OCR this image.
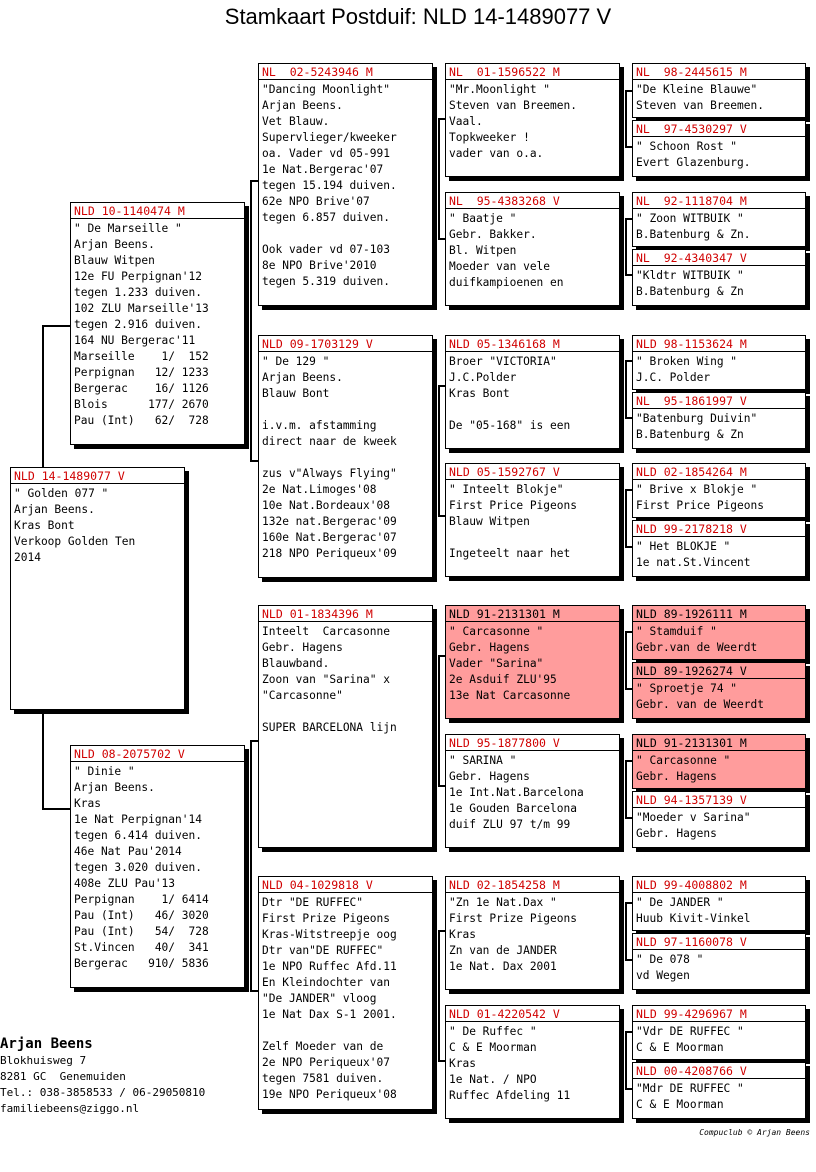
Stamkaart Postduif: NLD 14-1489077 V
NLD 14-1489077 V
" Golden 077 "
Arjan Beens.
Kras Bont
Verkoop Golden Ten
2014
NLD 10-1140474 M
" De Marseille "
Arjan Beens.
Blauw Witpen
12e FU Perpignan'12
tegen 1.233 duiven.
102 ZLU Marseille'13
tegen 2.916 duiven.
164 NU Bergerac'11
Marseille    1/  152
Perpignan   12/ 1233
Bergerac    16/ 1126
Blois      177/ 2670
Pau (Int)   62/  728
NLD 08-2075702 V
" Dinie "
Arjan Beens.
Kras
1e Nat Perpignan'14
tegen 6.414 duiven.
46e Nat Pau'2014
tegen 3.020 duiven.
408e ZLU Pau'13
Perpignan    1/ 6414
Pau (Int)   46/ 3020
Pau (Int)   54/  728
St.Vincen   40/  341
Bergerac   910/ 5836
NL  02-5243946 M
"Dancing Moonlight"
Arjan Beens.
Vet Blauw.
Supervlieger/kweeker
oa. Vader vd 05-991
1e Nat.Bergerac'07
tegen 15.194 duiven.
62e NPO Brive'07
tegen 6.857 duiven.
Ook vader vd 07-103
8e NPO Brive'2010
tegen 5.319 duiven.
NLD 09-1703129 V
" De 129 "
Arjan Beens.
Blauw Bont
i.v.m. afstamming
direct naar de kweek
zus v"Always Flying"
2e Nat.Limoges'08
10e Nat.Bordeaux'08
132e nat.Bergerac'09
160e Nat.Bergerac'07
218 NPO Periqueux'09
NLD 01-1834396 M
Inteelt  Carcasonne
Gebr. Hagens
Blauwband.
Zoon van "Sarina" x
"Carcasonne"
SUPER BARCELONA lijn
NLD 04-1029818 V
Dtr "DE RUFFEC"
First Prize Pigeons
Kras-Witstreepje oog
Dtr van"DE RUFFEC"
1e NPO Ruffec Afd.11
En Kleindochter van
"De JANDER" vloog
1e Nat Dax S-1 2001.
Zelf Moeder van de
2e NPO Periqueux'07
tegen 7581 duiven.
19e NPO Periqueux'08
NL  01-1596522 M
"Mr.Moonlight "
Steven van Breemen.
Vaal.
Topkweeker !
vader van o.a.
NL  95-4383268 V
" Baatje "
Gebr. Bakker.
Bl. Witpen
Moeder van vele
duifkampioenen en
NLD 05-1346168 M
Broer "VICTORIA"
J.C.Polder
Kras Bont
De "05-168" is een
NLD 05-1592767 V
" Inteelt Blokje"
First Price Pigeons
Blauw Witpen
Ingeteelt naar het
NLD 91-2131301 M
" Carcasonne "
Gebr. Hagens
Vader "Sarina"
2e Asduif ZLU'95
13e Nat Carcasonne
NLD 95-1877800 V
" SARINA "
Gebr. Hagens
1e Int.Nat.Barcelona
1e Gouden Barcelona
duif ZLU 97 t/m 99
NLD 02-1854258 M
"Zn 1e Nat.Dax "
First Prize Pigeons
Kras
Zn van de JANDER
1e Nat. Dax 2001
NLD 01-4220542 V
" De Ruffec "
C & E Moorman
Kras
1e Nat. / NPO
Ruffec Afdeling 11
NL  98-2445615 M
"De Kleine Blauwe"
Steven van Breemen.
NL  97-4530297 V
" Schoon Rost "
Evert Glazenburg.
NL  92-1118704 M
" Zoon WITBUIK "
B.Batenburg & Zn.
NL  92-4340347 V
"Kldtr WITBUIK "
B.Batenburg & Zn
NLD 98-1153624 M
" Broken Wing "
J.C. Polder
NL  95-1861997 V
"Batenburg Duivin"
B.Batenburg & Zn
NLD 02-1854264 M
" Brive x Blokje "
First Price Pigeons
NLD 99-2178218 V
" Het BLOKJE "
1e nat.St.Vincent
NLD 89-1926111 M
" Stamduif "
Gebr.van de Weerdt
NLD 89-1926274 V
" Sproetje 74 "
Gebr. van de Weerdt
NLD 91-2131301 M
" Carcasonne "
Gebr. Hagens
NLD 94-1357139 V
"Moeder v Sarina"
Gebr. Hagens
NLD 99-4008802 M
" De JANDER "
Huub Kivit-Vinkel
NLD 97-1160078 V
" De 078 "
vd Wegen
NLD 99-4296967 M
"Vdr DE RUFFEC "
C & E Moorman
NLD 00-4208766 V
"Mdr DE RUFFEC "
C & E Moorman
Arjan Beens
Blokhuisweg 7
8281 GC  Genemuiden
Tel.: 038-3858533 / 06-29050810
familiebeens@ziggo.nl
Compuclub © Arjan Beens
